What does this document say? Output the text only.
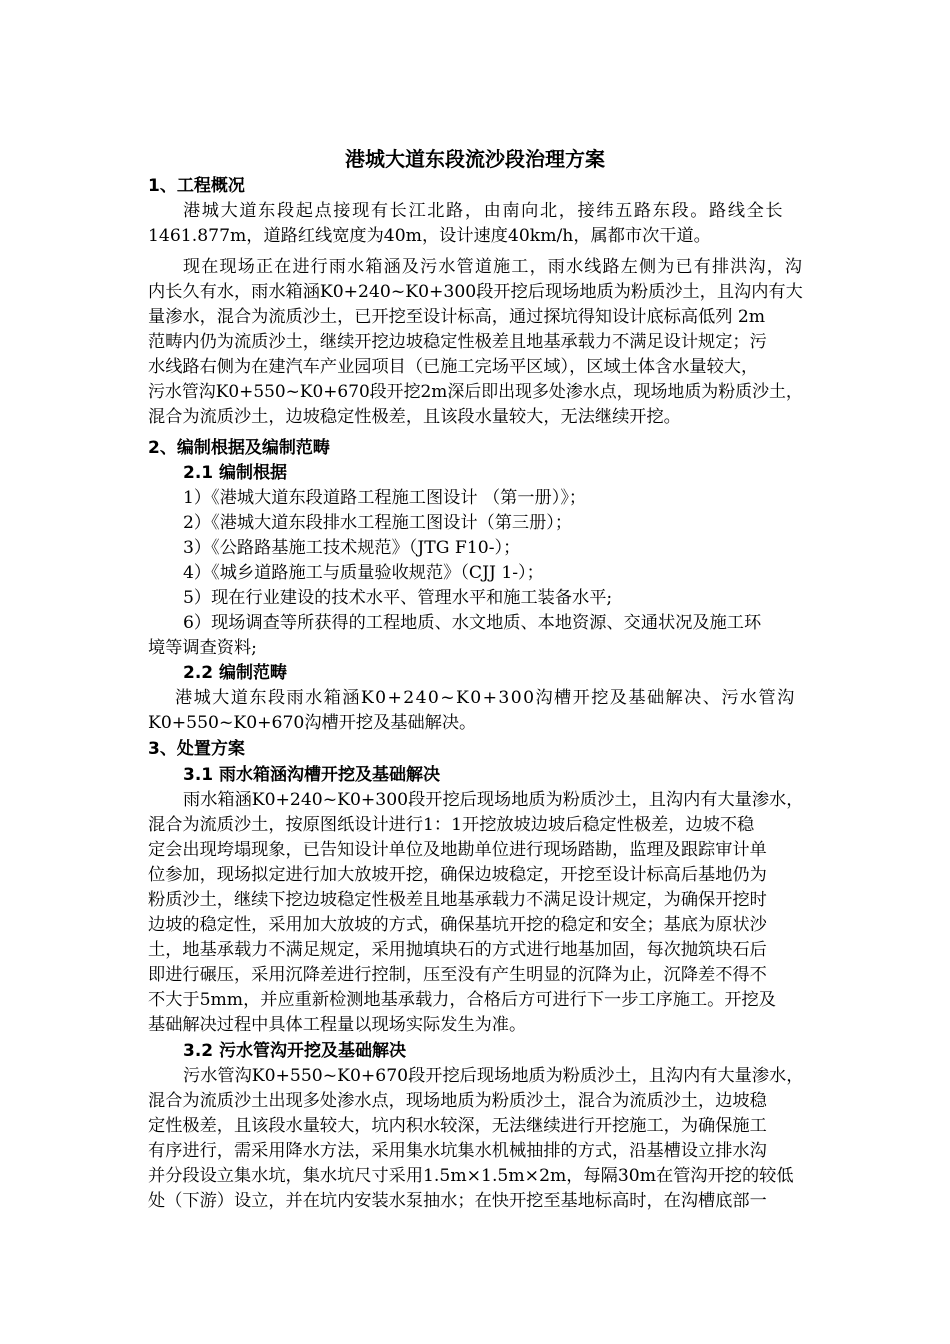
港城大道东段流沙段治理方案
1、工程概况
港城大道东段起点接现有长江北路，由南向北，接纬五路东段。路线全长
1461.877m，道路红线宽度为40m，设计速度40km/h，属都市次干道。
现在现场正在进行雨水箱涵及污水管道施工，雨水线路左侧为已有排洪沟，沟
内长久有水，雨水箱涵K0+240~K0+300段开挖后现场地质为粉质沙土，且沟内有大
量渗水，混合为流质沙土，已开挖至设计标高，通过探坑得知设计底标高低列 2m
范畴内仍为流质沙土，继续开挖边坡稳定性极差且地基承载力不满足设计规定；污
水线路右侧为在建汽车产业园项目（已施工完场平区域），区域土体含水量较大，
污水管沟K0+550~K0+670段开挖2m深后即出现多处渗水点，现场地质为粉质沙土，
混合为流质沙土，边坡稳定性极差，且该段水量较大，无法继续开挖。
2、编制根据及编制范畴
2.1 编制根据
1）《港城大道东段道路工程施工图设计 （第一册）》；
2）《港城大道东段排水工程施工图设计（第三册）；
3）《公路路基施工技术规范》（JTG F10-）；
4）《城乡道路施工与质量验收规范》（CJJ 1-）；
5）现在行业建设的技术水平、管理水平和施工装备水平;
6）现场调查等所获得的工程地质、水文地质、本地资源、交通状况及施工环
境等调查资料;
2.2 编制范畴
港城大道东段雨水箱涵K0+240~K0+300沟槽开挖及基础解决、污水管沟
K0+550~K0+670沟槽开挖及基础解决。
3、处置方案
3.1 雨水箱涵沟槽开挖及基础解决
雨水箱涵K0+240~K0+300段开挖后现场地质为粉质沙土，且沟内有大量渗水，
混合为流质沙土，按原图纸设计进行1：1开挖放坡边坡后稳定性极差，边坡不稳
定会出现垮塌现象，已告知设计单位及地勘单位进行现场踏勘，监理及跟踪审计单
位参加，现场拟定进行加大放坡开挖，确保边坡稳定，开挖至设计标高后基地仍为
粉质沙土，继续下挖边坡稳定性极差且地基承载力不满足设计规定，为确保开挖时
边坡的稳定性，采用加大放坡的方式，确保基坑开挖的稳定和安全；基底为原状沙
土，地基承载力不满足规定，采用抛填块石的方式进行地基加固，每次抛筑块石后
即进行碾压，采用沉降差进行控制，压至没有产生明显的沉降为止，沉降差不得不
不大于5mm，并应重新检测地基承载力，合格后方可进行下一步工序施工。开挖及
基础解决过程中具体工程量以现场实际发生为准。
3.2 污水管沟开挖及基础解决
污水管沟K0+550~K0+670段开挖后现场地质为粉质沙土，且沟内有大量渗水，
混合为流质沙土出现多处渗水点，现场地质为粉质沙土，混合为流质沙土，边坡稳
定性极差，且该段水量较大，坑内积水较深，无法继续进行开挖施工，为确保施工
有序进行，需采用降水方法，采用集水坑集水机械抽排的方式，沿基槽设立排水沟
并分段设立集水坑，集水坑尺寸采用1.5m×1.5m×2m，每隔30m在管沟开挖的较低
处（下游）设立，并在坑内安装水泵抽水；在快开挖至基地标高时，在沟槽底部一
